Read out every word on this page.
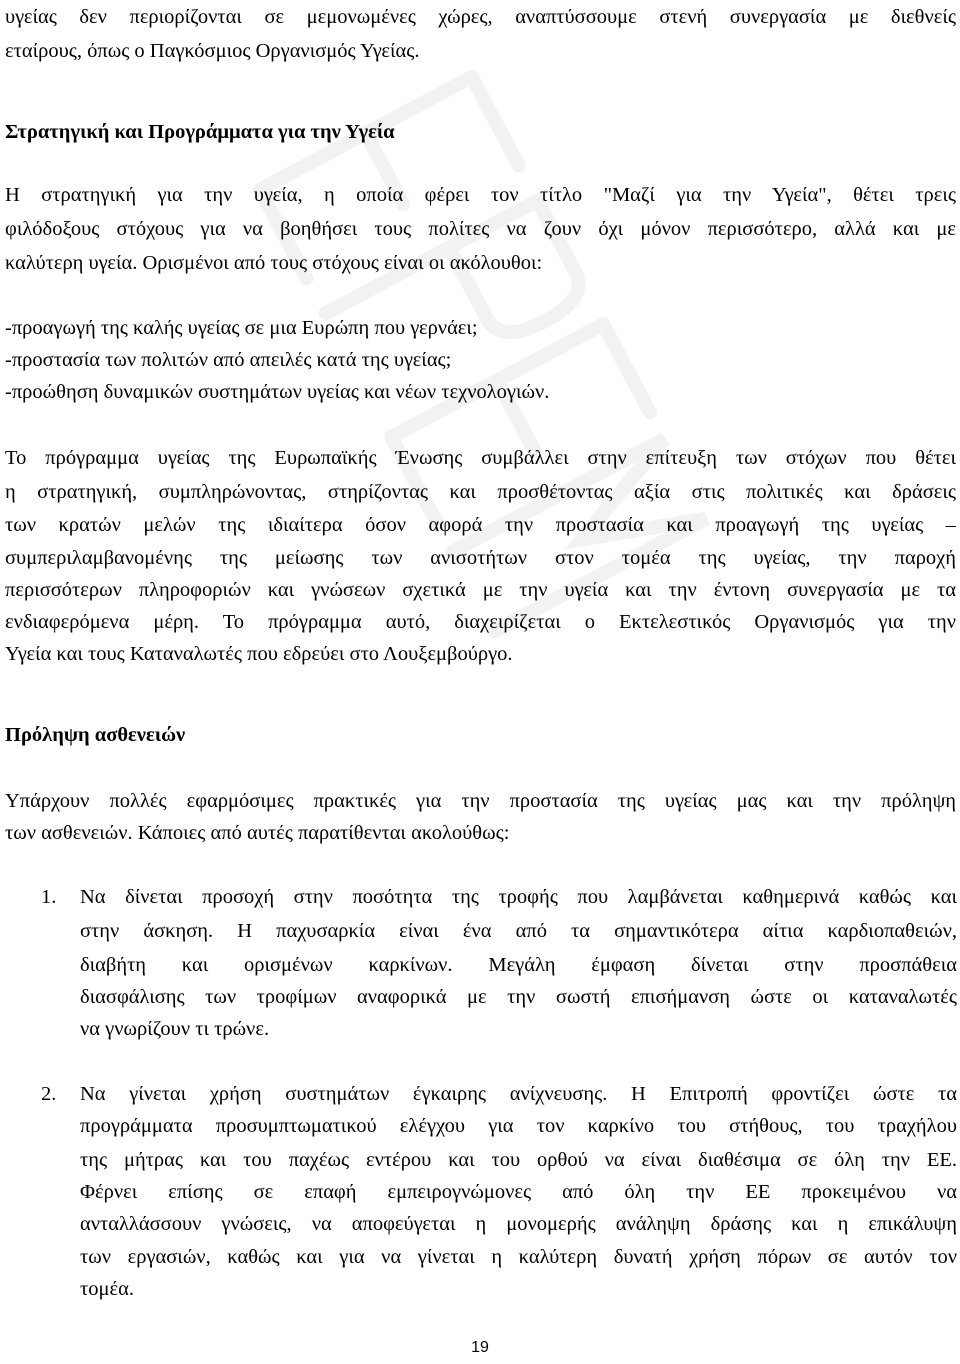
υγείας δεν περιορίζονται σε μεμονωμένες χώρες, αναπτύσσουμε στενή συνεργασία με διεθνείς
εταίρους, όπως ο Παγκόσμιος Οργανισμός Υγείας.
Στρατηγική και Προγράμματα για την Υγεία
Η στρατηγική για την υγεία, η οποία φέρει τον τίτλο "Μαζί για την Υγεία", θέτει τρεις
φιλόδοξους στόχους για να βοηθήσει τους πολίτες να ζουν όχι μόνον περισσότερο, αλλά και με
καλύτερη υγεία. Ορισμένοι από τους στόχους είναι οι ακόλουθοι:
-προαγωγή της καλής υγείας σε μια Ευρώπη που γερνάει;
-προστασία των πολιτών από απειλές κατά της υγείας;
-προώθηση δυναμικών συστημάτων υγείας και νέων τεχνολογιών.
Το πρόγραμμα υγείας της Ευρωπαϊκής Ένωσης συμβάλλει στην επίτευξη των στόχων που θέτει
η στρατηγική, συμπληρώνοντας, στηρίζοντας και προσθέτοντας αξία στις πολιτικές και δράσεις
των κρατών μελών της ιδιαίτερα όσον αφορά την προστασία και προαγωγή της υγείας –
συμπεριλαμβανομένης της μείωσης των ανισοτήτων στον τομέα της υγείας, την παροχή
περισσότερων πληροφοριών και γνώσεων σχετικά με την υγεία και την έντονη συνεργασία με τα
ενδιαφερόμενα μέρη. Το πρόγραμμα αυτό, διαχειρίζεται ο Εκτελεστικός Οργανισμός για την
Υγεία και τους Καταναλωτές που εδρεύει στο Λουξεμβούργο.
Πρόληψη ασθενειών
Υπάρχουν πολλές εφαρμόσιμες πρακτικές για την προστασία της υγείας μας και την πρόληψη
των ασθενειών. Κάποιες από αυτές παρατίθενται ακολούθως:
1. Να δίνεται προσοχή στην ποσότητα της τροφής που λαμβάνεται καθημερινά καθώς και
στην άσκηση. Η παχυσαρκία είναι ένα από τα σημαντικότερα αίτια καρδιοπαθειών,
διαβήτη και ορισμένων καρκίνων. Μεγάλη έμφαση δίνεται στην προσπάθεια
διασφάλισης των τροφίμων αναφορικά με την σωστή επισήμανση ώστε οι καταναλωτές
να γνωρίζουν τι τρώνε.
2. Να γίνεται χρήση συστημάτων έγκαιρης ανίχνευσης. Η Επιτροπή φροντίζει ώστε τα
προγράμματα προσυμπτωματικού ελέγχου για τον καρκίνο του στήθους, του τραχήλου
της μήτρας και του παχέως εντέρου και του ορθού να είναι διαθέσιμα σε όλη την ΕΕ.
Φέρνει επίσης σε επαφή εμπειρογνώμονες από όλη την ΕΕ προκειμένου να
ανταλλάσσουν γνώσεις, να αποφεύγεται η μονομερής ανάληψη δράσης και η επικάλυψη
των εργασιών, καθώς και για να γίνεται η καλύτερη δυνατή χρήση πόρων σε αυτόν τον
τομέα.
19
